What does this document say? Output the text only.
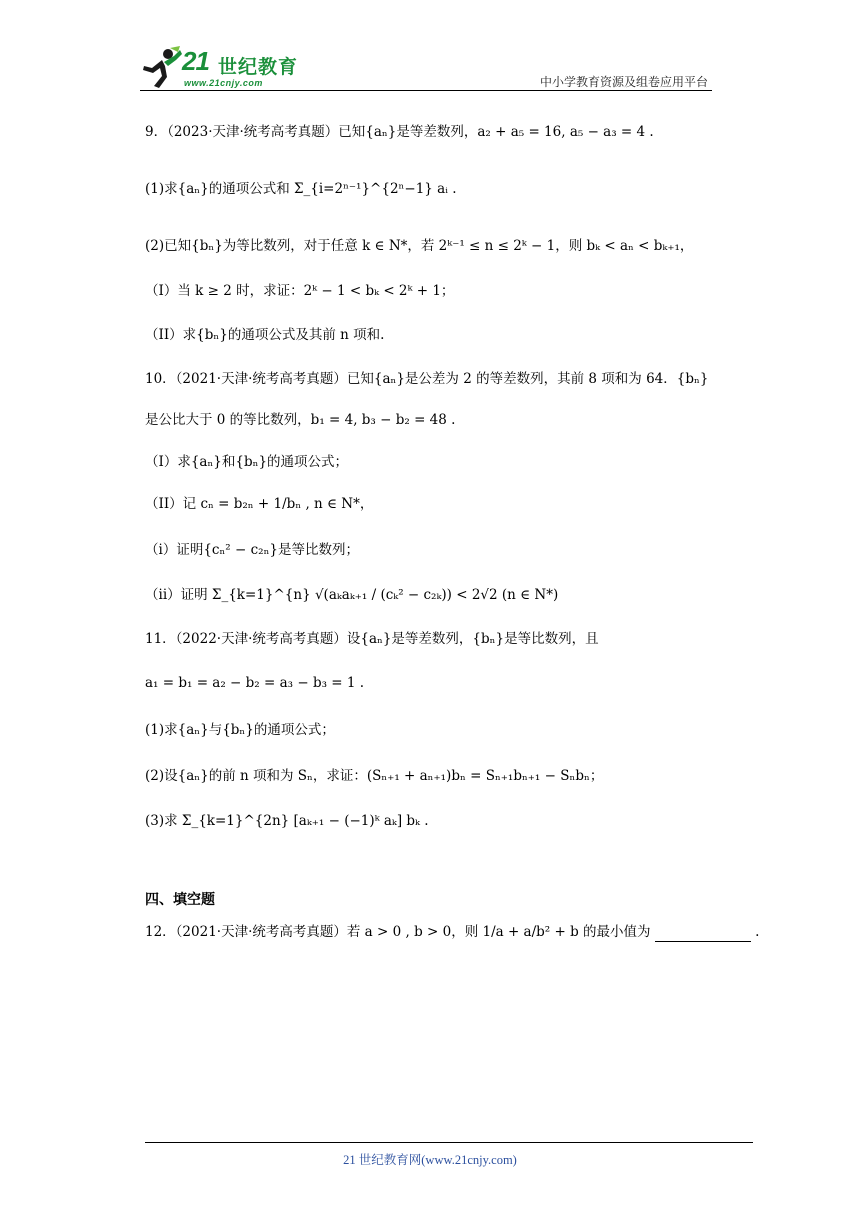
21 世纪教育
www.21cnjy.com	中小学教育资源及组卷应用平台
9．（2023·天津·统考高考真题）已知{aₙ}是等差数列，a₂ + a₅ = 16, a₅ − a₃ = 4 .
(1)求{aₙ}的通项公式和 Σ_{i=2ⁿ⁻¹}^{2ⁿ−1} aᵢ .
(2)已知{bₙ}为等比数列，对于任意 k ∈ N*，若 2ᵏ⁻¹ ≤ n ≤ 2ᵏ − 1，则 bₖ < aₙ < bₖ₊₁，
（I）当 k ≥ 2 时，求证：2ᵏ − 1 < bₖ < 2ᵏ + 1；
（II）求{bₙ}的通项公式及其前 n 项和.
10．（2021·天津·统考高考真题）已知{aₙ}是公差为 2 的等差数列，其前 8 项和为 64．{bₙ}
是公比大于 0 的等比数列，b₁ = 4, b₃ − b₂ = 48 .
（I）求{aₙ}和{bₙ}的通项公式；
（II）记 cₙ = b₂ₙ + 1/bₙ , n ∈ N*，
（i）证明{cₙ² − c₂ₙ}是等比数列；
（ii）证明 Σ_{k=1}^{n} √(aₖaₖ₊₁ / (cₖ² − c₂ₖ)) < 2√2 (n ∈ N*)
11．（2022·天津·统考高考真题）设{aₙ}是等差数列，{bₙ}是等比数列，且
a₁ = b₁ = a₂ − b₂ = a₃ − b₃ = 1 .
(1)求{aₙ}与{bₙ}的通项公式；
(2)设{aₙ}的前 n 项和为 Sₙ，求证：(Sₙ₊₁ + aₙ₊₁)bₙ = Sₙ₊₁bₙ₊₁ − Sₙbₙ；
(3)求 Σ_{k=1}^{2n} [aₖ₊₁ − (−1)ᵏ aₖ] bₖ .
四、填空题
12．（2021·天津·统考高考真题）若 a > 0 , b > 0，则 1/a + a/b² + b 的最小值为	.
21 世纪教育网(www.21cnjy.com)
